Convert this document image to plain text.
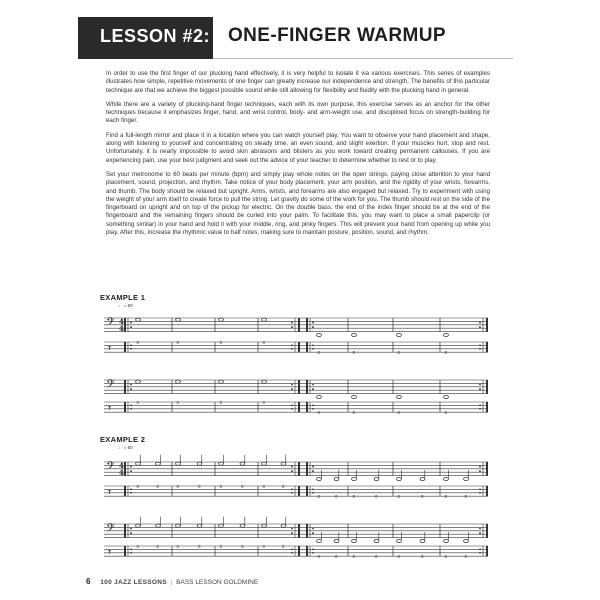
LESSON #2: ONE-FINGER WARMUP

In order to use the first finger of our plucking hand effectively, it is very helpful to isolate it via various exercises. This series of examples illustrates how simple, repetitive movements of one finger can greatly increase our independence and strength. The benefits of this particular technique are that we achieve the biggest possible sound while still allowing for flexibility and fluidity with the plucking hand in general.

While there are a variety of plucking-hand finger techniques, each with its own purpose, this exercise serves as an anchor for the other techniques because it emphasizes finger, hand, and wrist control, body- and arm-weight use, and disciplined focus on strength-building for each finger.

Find a full-length mirror and place it in a location where you can watch yourself play. You want to observe your hand placement and shape, along with listening to yourself and concentrating on steady time, an even sound, and slight exertion. If your muscles hurt, stop and rest. Unfortunately, it is nearly impossible to avoid skin abrasions and blisters as you work toward creating permanent callouses. If you are experiencing pain, use your best judgment and seek out the advice of your teacher to determine whether to rest or to play.

Set your metronome to 60 beats per minute (bpm) and simply play whole notes on the open strings, paying close attention to your hand placement, sound, projection, and rhythm. Take notice of your body placement, your arm position, and the rigidity of your wrists, forearms, and thumb. The body should be relaxed but upright. Arms, wrists, and forearms are also engaged but relaxed. Try to experiment with using the weight of your arm itself to create force to pull the string. Let gravity do some of the work for you. The thumb should rest on the side of the fingerboard on upright and on top of the pickup for electric. On the double bass, the end of the index finger should be at the end of the fingerboard and the remaining fingers should be curled into your palm. To facilitate this, you may want to place a small paperclip (or something similar) in your hand and hold it with your middle, ring, and pinky fingers. This will prevent your hand from opening up while you play. After this, increase the rhythmic value to half notes, making sure to maintain posture, position, sound, and rhythm.

EXAMPLE 1
♩ = 60
EXAMPLE 2
♩ = 60
𝄢 4
4
T
0	0	0	0
0	0	0	0
𝄢
T
0	0	0	0
0	0	0	0
𝄢 4
4
T
0	0	0	0	0	0	0	0
0	0	0	0	0	0	0	0
𝄢
T
0	0	0	0	0	0	0	0
0	0	0	0	0	0	0	0
6 100 JAZZ LESSONS | BASS LESSON GOLDMINE
